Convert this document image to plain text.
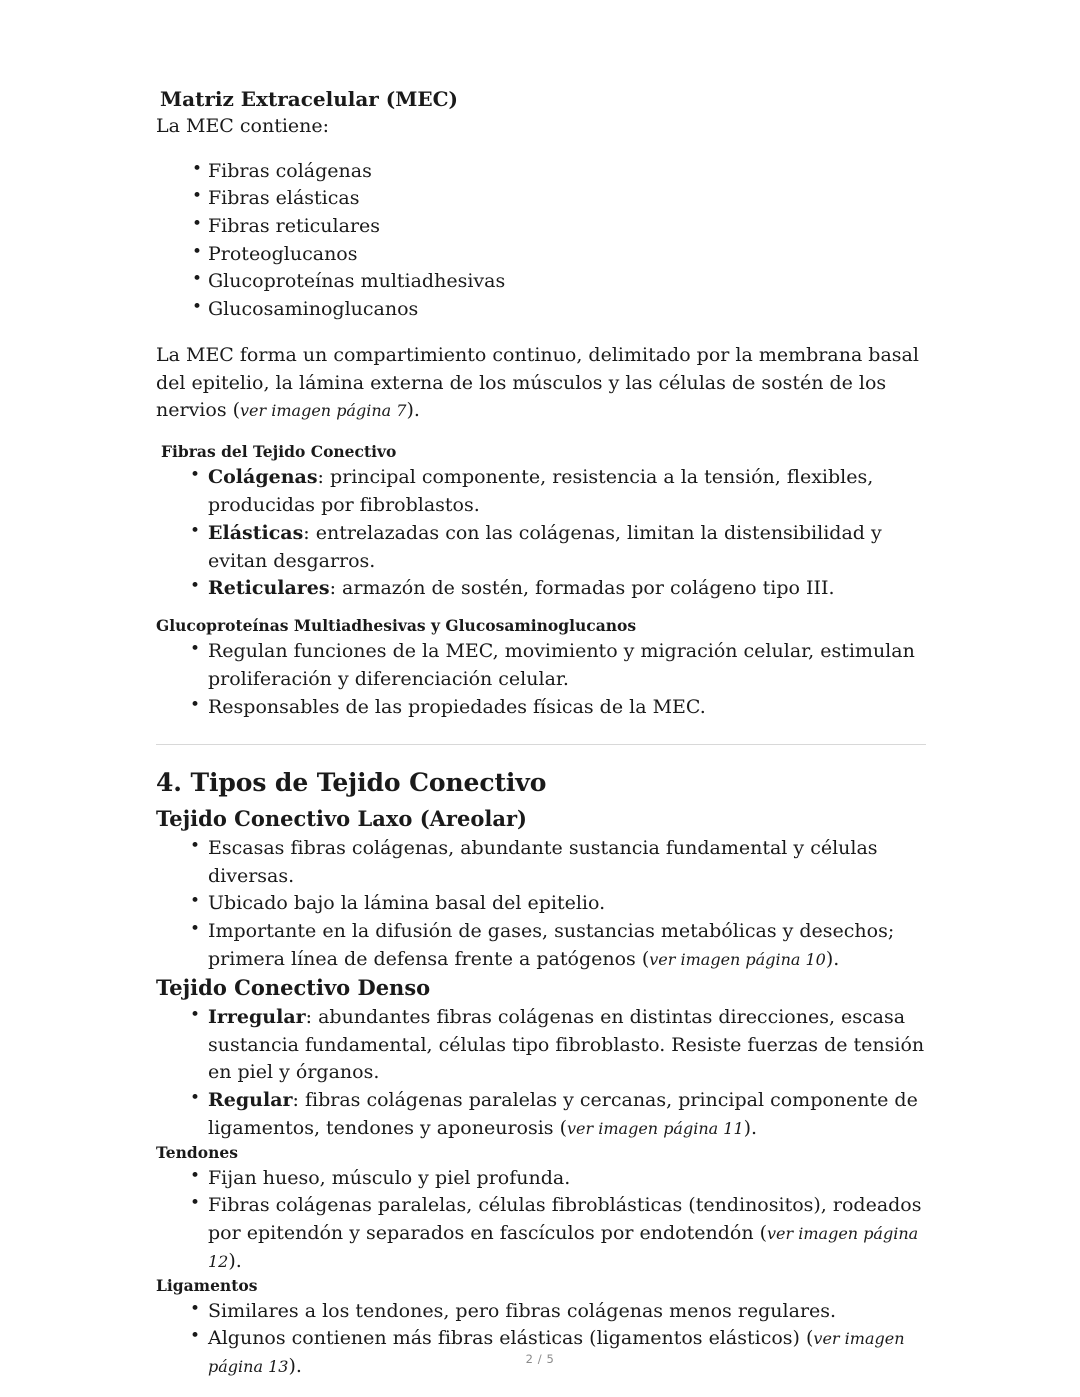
Matriz Extracelular (MEC)

La MEC contiene:

• Fibras colágenas
• Fibras elásticas
• Fibras reticulares
• Proteoglucanos
• Glucoproteínas multiadhesivas
• Glucosaminoglucanos

La MEC forma un compartimiento continuo, delimitado por la membrana basal del epitelio, la lámina externa de los músculos y las células de sostén de los nervios (ver imagen página 7).

Fibras del Tejido Conectivo
• Colágenas: principal componente, resistencia a la tensión, flexibles, producidas por fibroblastos.
• Elásticas: entrelazadas con las colágenas, limitan la distensibilidad y evitan desgarros.
• Reticulares: armazón de sostén, formadas por colágeno tipo III.
Glucoproteínas Multiadhesivas y Glucosaminoglucanos
• Regulan funciones de la MEC, movimiento y migración celular, estimulan proliferación y diferenciación celular.
• Responsables de las propiedades físicas de la MEC.
4. Tipos de Tejido Conectivo
Tejido Conectivo Laxo (Areolar)
• Escasas fibras colágenas, abundante sustancia fundamental y células diversas.
• Ubicado bajo la lámina basal del epitelio.
• Importante en la difusión de gases, sustancias metabólicas y desechos; primera línea de defensa frente a patógenos (ver imagen página 10).
Tejido Conectivo Denso
• Irregular: abundantes fibras colágenas en distintas direcciones, escasa sustancia fundamental, células tipo fibroblasto. Resiste fuerzas de tensión en piel y órganos.
• Regular: fibras colágenas paralelas y cercanas, principal componente de ligamentos, tendones y aponeurosis (ver imagen página 11).
Tendones
• Fijan hueso, músculo y piel profunda.
• Fibras colágenas paralelas, células fibroblásticas (tendinositos), rodeados por epitendón y separados en fascículos por endotendón (ver imagen página 12).
Ligamentos
• Similares a los tendones, pero fibras colágenas menos regulares.
• Algunos contienen más fibras elásticas (ligamentos elásticos) (ver imagen página 13).	2 / 5
